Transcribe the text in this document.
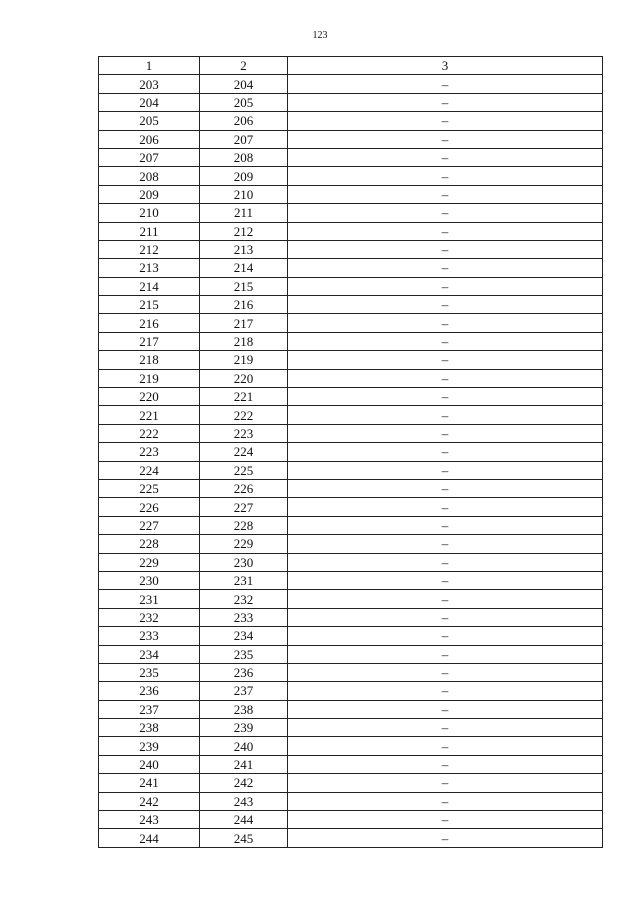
123
1	2	3
203	204	–
204	205	–
205	206	–
206	207	–
207	208	–
208	209	–
209	210	–
210	211	–
211	212	–
212	213	–
213	214	–
214	215	–
215	216	–
216	217	–
217	218	–
218	219	–
219	220	–
220	221	–
221	222	–
222	223	–
223	224	–
224	225	–
225	226	–
226	227	–
227	228	–
228	229	–
229	230	–
230	231	–
231	232	–
232	233	–
233	234	–
234	235	–
235	236	–
236	237	–
237	238	–
238	239	–
239	240	–
240	241	–
241	242	–
242	243	–
243	244	–
244	245	–
